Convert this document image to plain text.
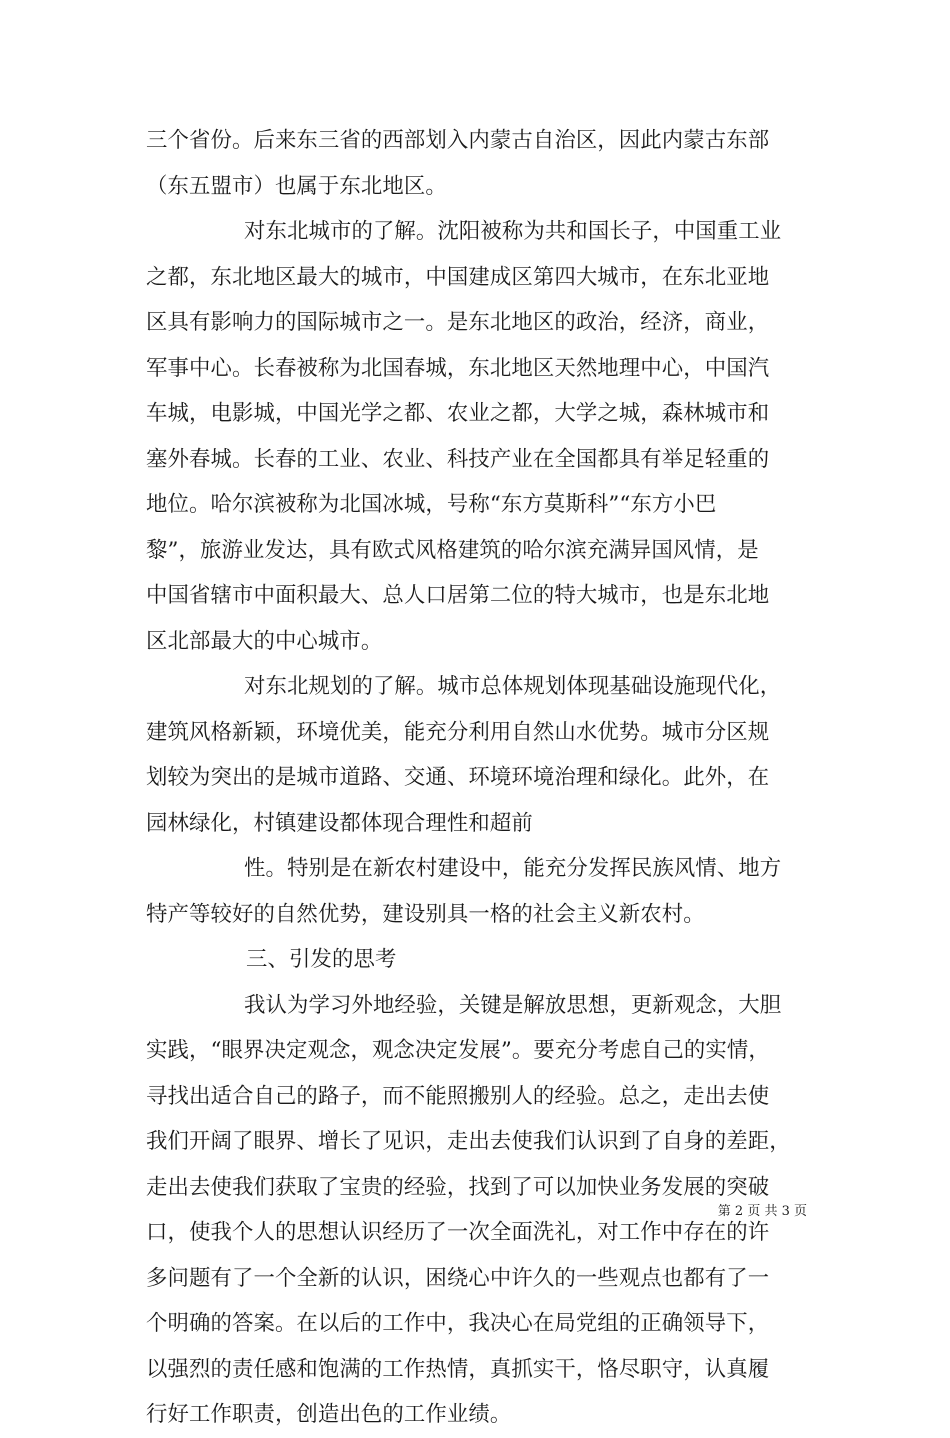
三个省份。后来东三省的西部划入内蒙古自治区，因此内蒙古东部
（东五盟市）也属于东北地区。
对东北城市的了解。沈阳被称为共和国长子，中国重工业
之都，东北地区最大的城市，中国建成区第四大城市，在东北亚地
区具有影响力的国际城市之一。是东北地区的政治，经济，商业，
军事中心。长春被称为北国春城，东北地区天然地理中心，中国汽
车城，电影城，中国光学之都、农业之都，大学之城，森林城市和
塞外春城。长春的工业、农业、科技产业在全国都具有举足轻重的
地位。哈尔滨被称为北国冰城，号称“东方莫斯科”“东方小巴
黎”，旅游业发达，具有欧式风格建筑的哈尔滨充满异国风情，是
中国省辖市中面积最大、总人口居第二位的特大城市，也是东北地
区北部最大的中心城市。
对东北规划的了解。城市总体规划体现基础设施现代化，
建筑风格新颖，环境优美，能充分利用自然山水优势。城市分区规
划较为突出的是城市道路、交通、环境环境治理和绿化。此外，在
园林绿化，村镇建设都体现合理性和超前
性。特别是在新农村建设中，能充分发挥民族风情、地方
特产等较好的自然优势，建设别具一格的社会主义新农村。
三、引发的思考
我认为学习外地经验，关键是解放思想，更新观念，大胆
实践，“眼界决定观念，观念决定发展”。要充分考虑自己的实情，
寻找出适合自己的路子，而不能照搬别人的经验。总之，走出去使
我们开阔了眼界、增长了见识，走出去使我们认识到了自身的差距，
走出去使我们获取了宝贵的经验，找到了可以加快业务发展的突破
口，使我个人的思想认识经历了一次全面洗礼，对工作中存在的许
多问题有了一个全新的认识，困绕心中许久的一些观点也都有了一
个明确的答案。在以后的工作中，我决心在局党组的正确领导下，
以强烈的责任感和饱满的工作热情，真抓实干，恪尽职守，认真履
行好工作职责，创造出色的工作业绩。
第 2 页 共 3 页
